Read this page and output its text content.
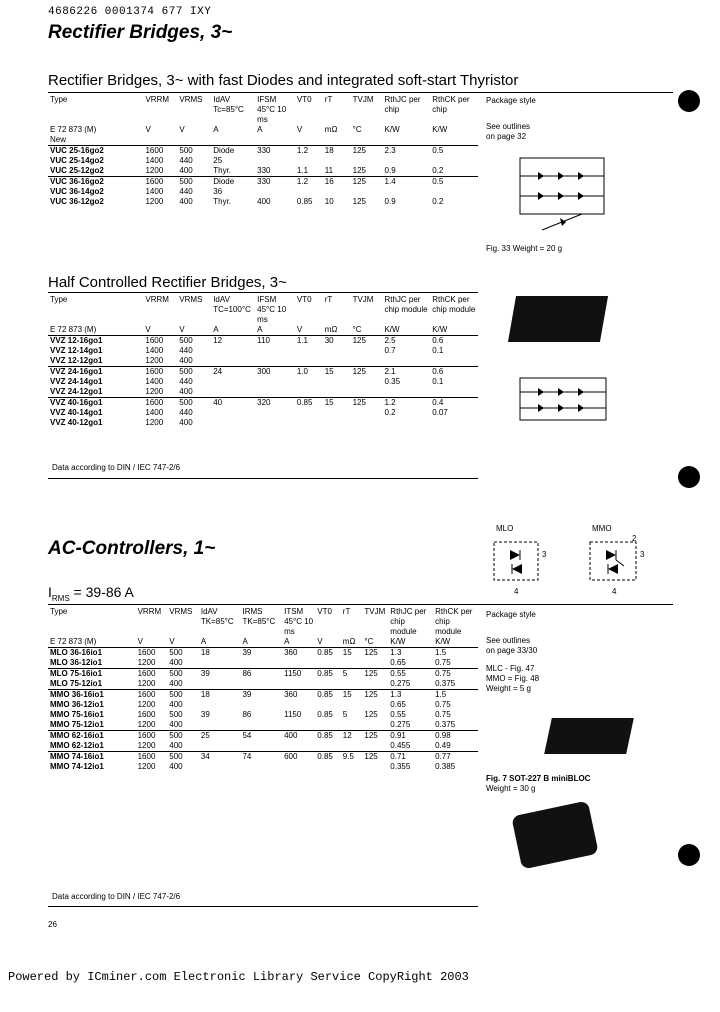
4686226 0001374 677 IXY
Rectifier Bridges, 3~
Rectifier Bridges, 3~ with fast Diodes and integrated soft-start Thyristor
Type	VRRM	VRMS	IdAV Tc=85°C	IFSM 45°C 10 ms	VT0	rT	TVJM	RthJC per chip	RthCK per chip
E 72 873 (M)
New	V	V	A	A	V	mΩ	°C	K/W	K/W
VUC 25-16go2	1600	500	Diode	330	1.2	18	125	2.3	0.5
VUC 25-14go2	1400	440	25						
VUC 25-12go2	1200	400	Thyr.	330	1.1	11	125	0.9	0.2
VUC 36-16go2	1600	500	Diode	330	1.2	16	125	1.4	0.5
VUC 36-14go2	1400	440	36						
VUC 36-12go2	1200	400	Thyr.	400	0.85	10	125	0.9	0.2
Package style
See outlines
on page 32
Fig. 33 Weight = 20 g
Half Controlled Rectifier Bridges, 3~
Type	VRRM	VRMS	IdAV TC=100°C	IFSM 45°C 10 ms	VT0	rT	TVJM	RthJC per chip module	RthCK per chip module
E 72 873 (M)	V	V	A	A	V	mΩ	°C	K/W	K/W
VVZ 12-16go1	1600	500	12	110	1.1	30	125	2.5	0.6
VVZ 12-14go1	1400	440						0.7	0.1
VVZ 12-12go1	1200	400							
VVZ 24-16go1	1600	500	24	300	1.0	15	125	2.1	0.6
VVZ 24-14go1	1400	440						0.35	0.1
VVZ 24-12go1	1200	400							
VVZ 40-16go1	1600	500	40	320	0.85	15	125	1.2	0.4
VVZ 40-14go1	1400	440						0.2	0.07
VVZ 40-12go1	1200	400							
Data according to DIN / IEC 747-2/6
AC-Controllers, 1~
$I_{RMS} = 39-86$ A
MLO	MMO
2
3	3
4	4
Type	VRRM	VRMS	IdAV TK=85°C	IRMS TK=85°C	ITSM 45°C 10 ms	VT0	rT	TVJM	RthJC per chip module	RthCK per chip module
E 72 873 (M)	V	V	A	A	A	V	mΩ	°C	K/W	K/W
MLO 36-16io1	1600	500	18	39	360	0.85	15	125	1.3	1.5
MLO 36-12io1	1200	400							0.65	0.75
MLO 75-16io1	1600	500	39	86	1150	0.85	5	125	0.55	0.75
MLO 75-12io1	1200	400							0.275	0.375
MMO 36-16io1	1600	500	18	39	360	0.85	15	125	1.3	1.5
MMO 36-12io1	1200	400							0.65	0.75
MMO 75-16io1	1600	500	39	86	1150	0.85	5	125	0.55	0.75
MMO 75-12io1	1200	400							0.275	0.375
MMO 62-16io1	1600	500	25	54	400	0.85	12	125	0.91	0.98
MMO 62-12io1	1200	400							0.455	0.49
MMO 74-16io1	1600	500	34	74	600	0.85	9.5	125	0.71	0.77
MMO 74-12io1	1200	400							0.355	0.385
Package style
See outlines
on page 33/30
MLC - Fig. 47
MMO = Fig. 48
Weight = 5 g
Fig. 7 SOT-227 B miniBLOC
Weight = 30 g
Data according to DIN / IEC 747-2/6
26
Powered by ICminer.com Electronic Library Service CopyRight 2003
